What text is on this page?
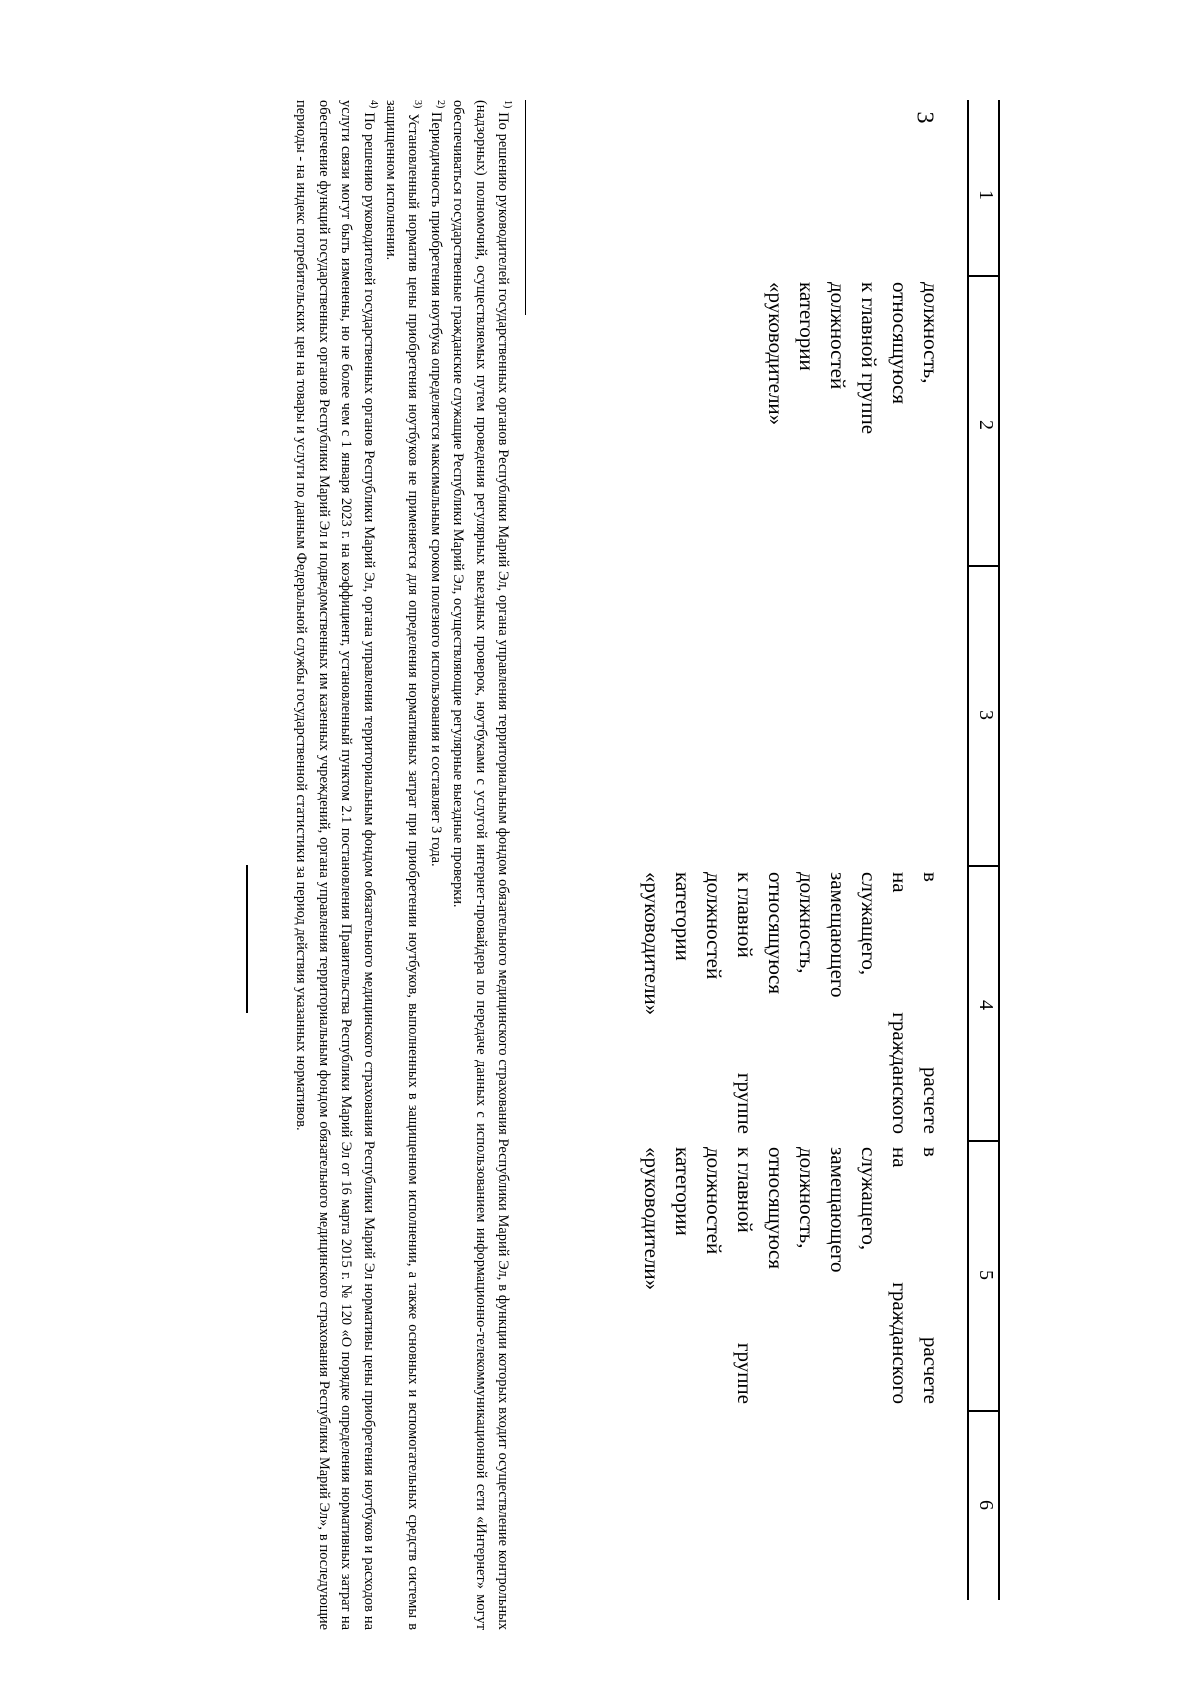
3
1
2
3
4
5
6
должность,
относящуюся
к главной группе
должностей
категории
«руководители»
в
расчете
на
гражданского
служащего,
замещающего
должность,
относящуюся
к главной
группе
должностей
категории
«руководители»
в
расчете
на
гражданского
служащего,
замещающего
должность,
относящуюся
к главной
группе
должностей
категории
«руководители»

$^{1)}$ По решению руководителей государственных органов Республики Марий Эл, органа управления территориальным фондом обязательного медицинского страхования Республики Марий Эл, в функции которых входит осуществление контрольных (надзорных) полномочий, осуществляемых путем проведения регулярных выездных проверок, ноутбуками с услугой интернет-провайдера по передаче данных с использованием информационно-телекоммуникационной сети «Интернет» могут обеспечиваться государственные гражданские служащие Республики Марий Эл, осуществляющие регулярные выездные проверки.

$^{2)}$ Периодичность приобретения ноутбука определяется максимальным сроком полезного использования и составляет 3 года.

$^{3)}$ Установленный норматив цены приобретения ноутбуков не применяется для определения нормативных затрат при приобретении ноутбуков, выполненных в защищенном исполнении, а также основных и вспомогательных средств системы в защищенном исполнении.

$^{4)}$ По решению руководителей государственных органов Республики Марий Эл, органа управления территориальным фондом обязательного медицинского страхования Республики Марий Эл нормативы цены приобретения ноутбуков и расходов на услуги связи могут быть изменены, но не более чем с 1 января 2023 г. на коэффициент, установленный пунктом 2.1 постановления Правительства Республики Марий Эл от 16 марта 2015 г. № 120 «О порядке определения нормативных затрат на обеспечение функций государственных органов Республики Марий Эл и подведомственных им казенных учреждений, органа управления территориальным фондом обязательного медицинского страхования Республики Марий Эл», в последующие периоды - на индекс потребительских цен на товары и услуги по данным Федеральной службы государственной статистики за период действия указанных нормативов.
